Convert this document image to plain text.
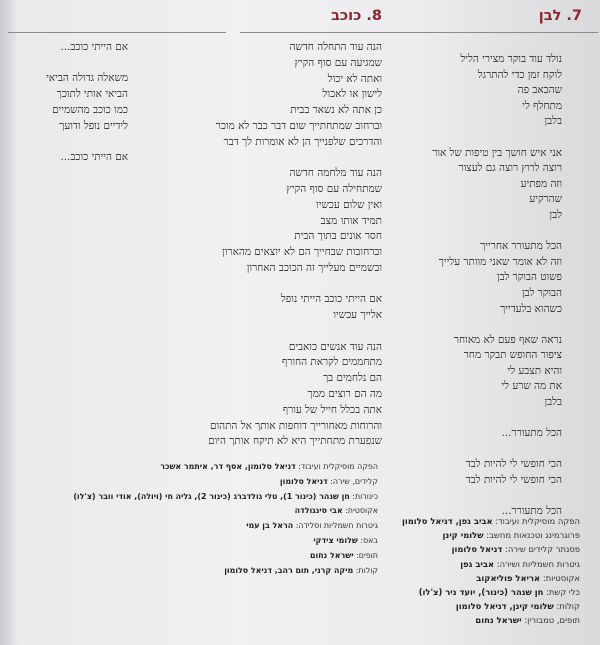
7. לבן
8. כוכב
נולד עוד בוקר מצירי הליל
לוקח זמן כדי להתרגל
שהכאב פה
מתחלף לי
בלבן
אני איש חושך בין טיפות של אור
רוצה לרוץ רוצה גם לעצור
וזה מפתיע
שהרקיע
לבן
הכל מתעורר אחרייך
וזה לא אומר שאני מוותר עלייך
פשוט הבוקר לבן
הבוקר לבן
כשהוא בלעדייך
נראה שאף פעם לא מאוחר
ציפור החופש תבקר מחר
והיא תצבע לי
את מה שרע לי
בלבן
הכל מתעורר...
הכי חופשי לי להיות לבד
הכי חופשי לי להיות לבד
הכל מתעורר...
הפקה מוסיקלית ועיבוד: אביב גפן, דניאל סלומון
פרוגרמינג וטכנאות מחשב: שלומי קינן
פסנתר קלידים שירה: דניאל סלומון
גיטרות חשמליות ושירה: אביב גפן
אקוסטיות: אריאל פוליאקוב
כלי קשת: חן שנהר (כינור), יועד ניר (צ'לו)
קולות: שלומי קינן, דניאל סלומון
תופים, טמבורין: ישראל נחום
הנה עוד התחלה חדשה
שמגיעה עם סוף הקיץ
ואתה לא יכול
לישון או לאכול
כן אתה לא נשאר בבית
וברחוב שמתחתייך שום דבר כבר לא מוכר
והדרכים שלפנייך הן לא אומרות לך דבר
הנה עוד מלחמה חדשה
שמתחילה עם סוף הקיץ
ואין שלום עכשיו
תמיד אותו מצב
חסר אונים בתוך הבית
וברחובות שבחייך הם לא יוצאים מהארון
ובשמיים מעלייך זה הכוכב האחרון
אם הייתי כוכב הייתי נופל
אלייך עכשיו
הנה עוד אנשים כואבים
מתחממים לקראת החורף
הם נלחמים בך
מה הם רוצים ממך
אתה בכלל חייל של עורף
והרוחות מאחורייך דוחפות אותך אל התהום
שנפערת מתחתייך היא לא תיקח אותך היום
הפקה מוסיקלית ועיבוד: דניאל סלומון, אסף דר, איתמר אשכר
קלידים, שירה: דניאל סלומון
כינורות: חן שנהר (כינור 1), טלי גולדברג (כינור 2), גליה חי (ויולה), אודי וובר (צ'לו)
אקוסטית: אבי סינגולדה
גיטרות חשמליות וסלידה: הראל בן עמי
באס: שלומי צידקי
תופים: ישראל נחום
קולות: מיקה קרני, תום רהב, דניאל סלומון
אם הייתי כוכב...
משאלה גדולה הביאי
הביאי אותי לתוכך
כמו כוכב מהשמיים
לידיים נופל ודועך
אם הייתי כוכב...
